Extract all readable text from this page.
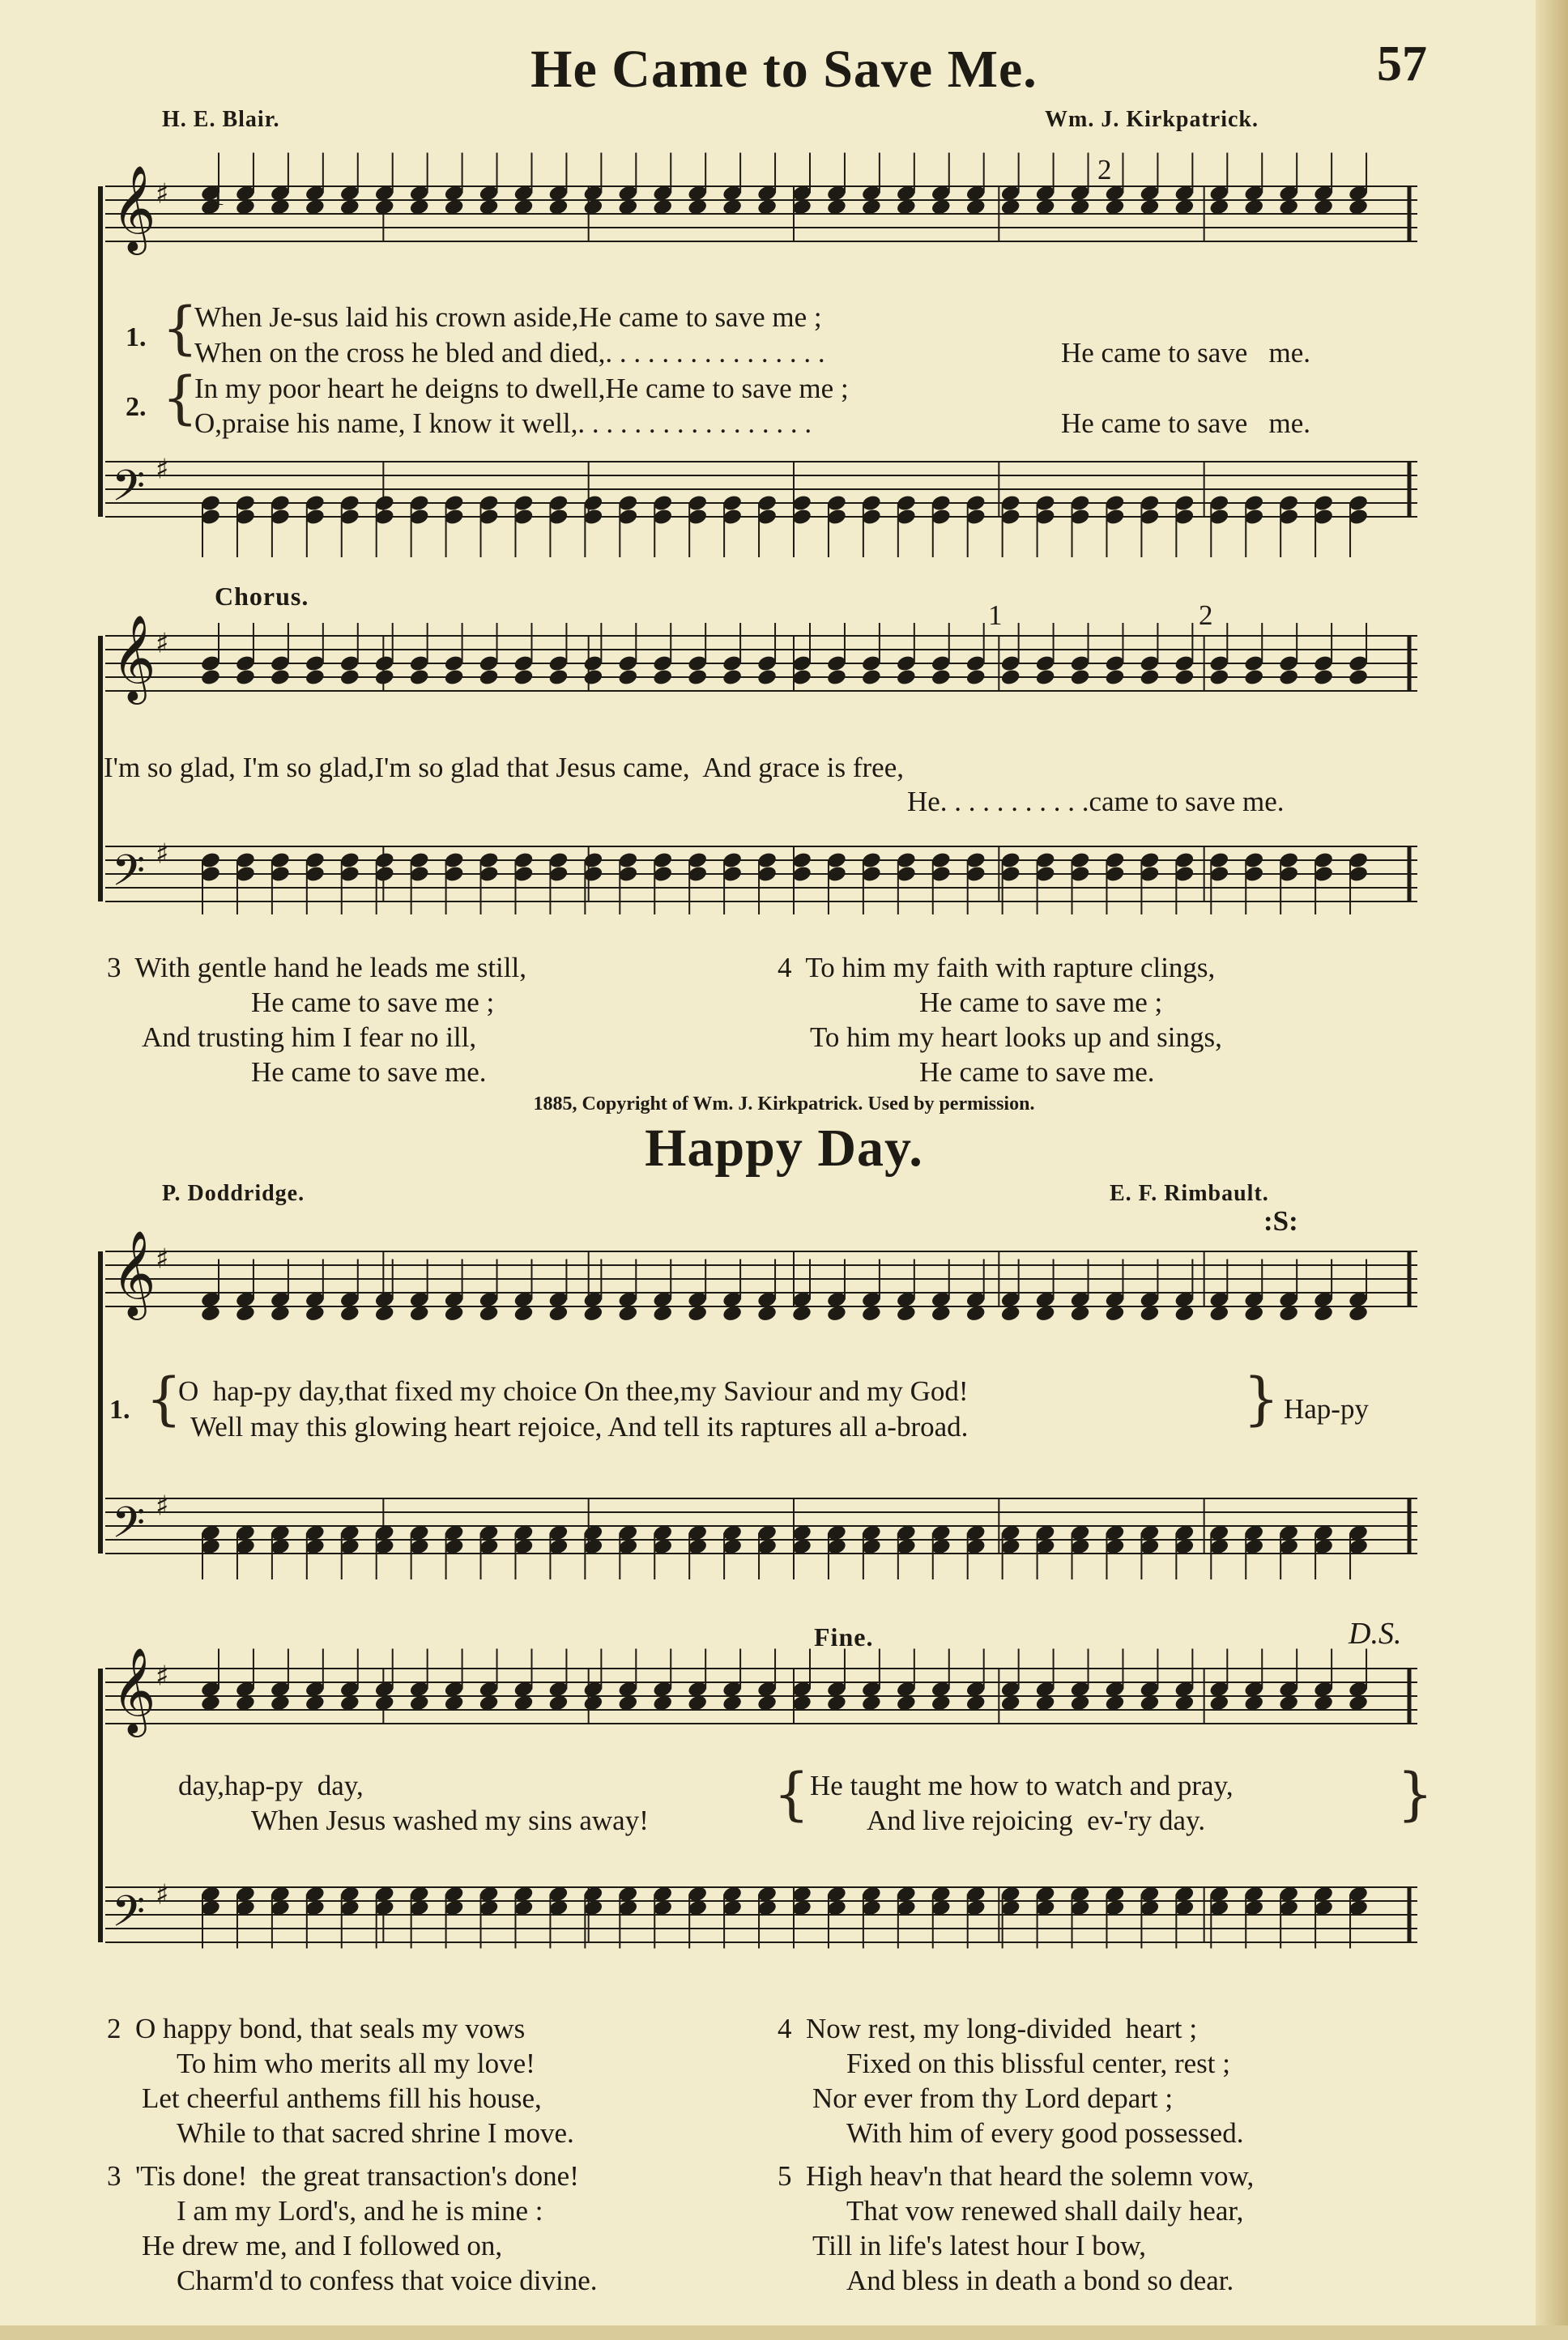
He Came to Save Me.	57
H. E. Blair.	Wm. J. Kirkpatrick.
𝄞 ♯
𝄢 ♯
1
2
1. {
When Je-sus laid his crown aside,He came to save me ;
When on the cross he bled and died,. . . . . . . . . . . . . . . .	He came to save   me.
2. {
In my poor heart he deigns to dwell,He came to save me ;
O,praise his name, I know it well,. . . . . . . . . . . . . . . . .	He came to save   me.
Chorus.
𝄞 ♯
𝄢 ♯
1	2
I'm so glad, I'm so glad,I'm so glad that Jesus came,  And grace is free,
He. . . . . . . . . . .came to save me.
3  With gentle hand he leads me still,
He came to save me ;
And trusting him I fear no ill,
He came to save me.
4  To him my faith with rapture clings,
He came to save me ;
To him my heart looks up and sings,
He came to save me.
1885, Copyright of Wm. J. Kirkpatrick. Used by permission.
Happy Day.
P. Doddridge.	E. F. Rimbault.
:S:
𝄞 ♯
𝄢 ♯
1. {
O  hap-py day,that fixed my choice On thee,my Saviour and my God!
Well may this glowing heart rejoice, And tell its raptures all a-broad.	} Hap-py
Fine.	D.S.
𝄞 ♯
𝄢 ♯
day,hap-py  day,
When Jesus washed my sins away! { He taught me how to watch and pray,
And live rejoicing  ev-'ry day.	}
2  O happy bond, that seals my vows
To him who merits all my love!
Let cheerful anthems fill his house,
While to that sacred shrine I move.
3  'Tis done!  the great transaction's done!
I am my Lord's, and he is mine :
He drew me, and I followed on,
Charm'd to confess that voice divine.
4  Now rest, my long-divided  heart ;
Fixed on this blissful center, rest ;
Nor ever from thy Lord depart ;
With him of every good possessed.
5  High heav'n that heard the solemn vow,
That vow renewed shall daily hear,
Till in life's latest hour I bow,
And bless in death a bond so dear.
